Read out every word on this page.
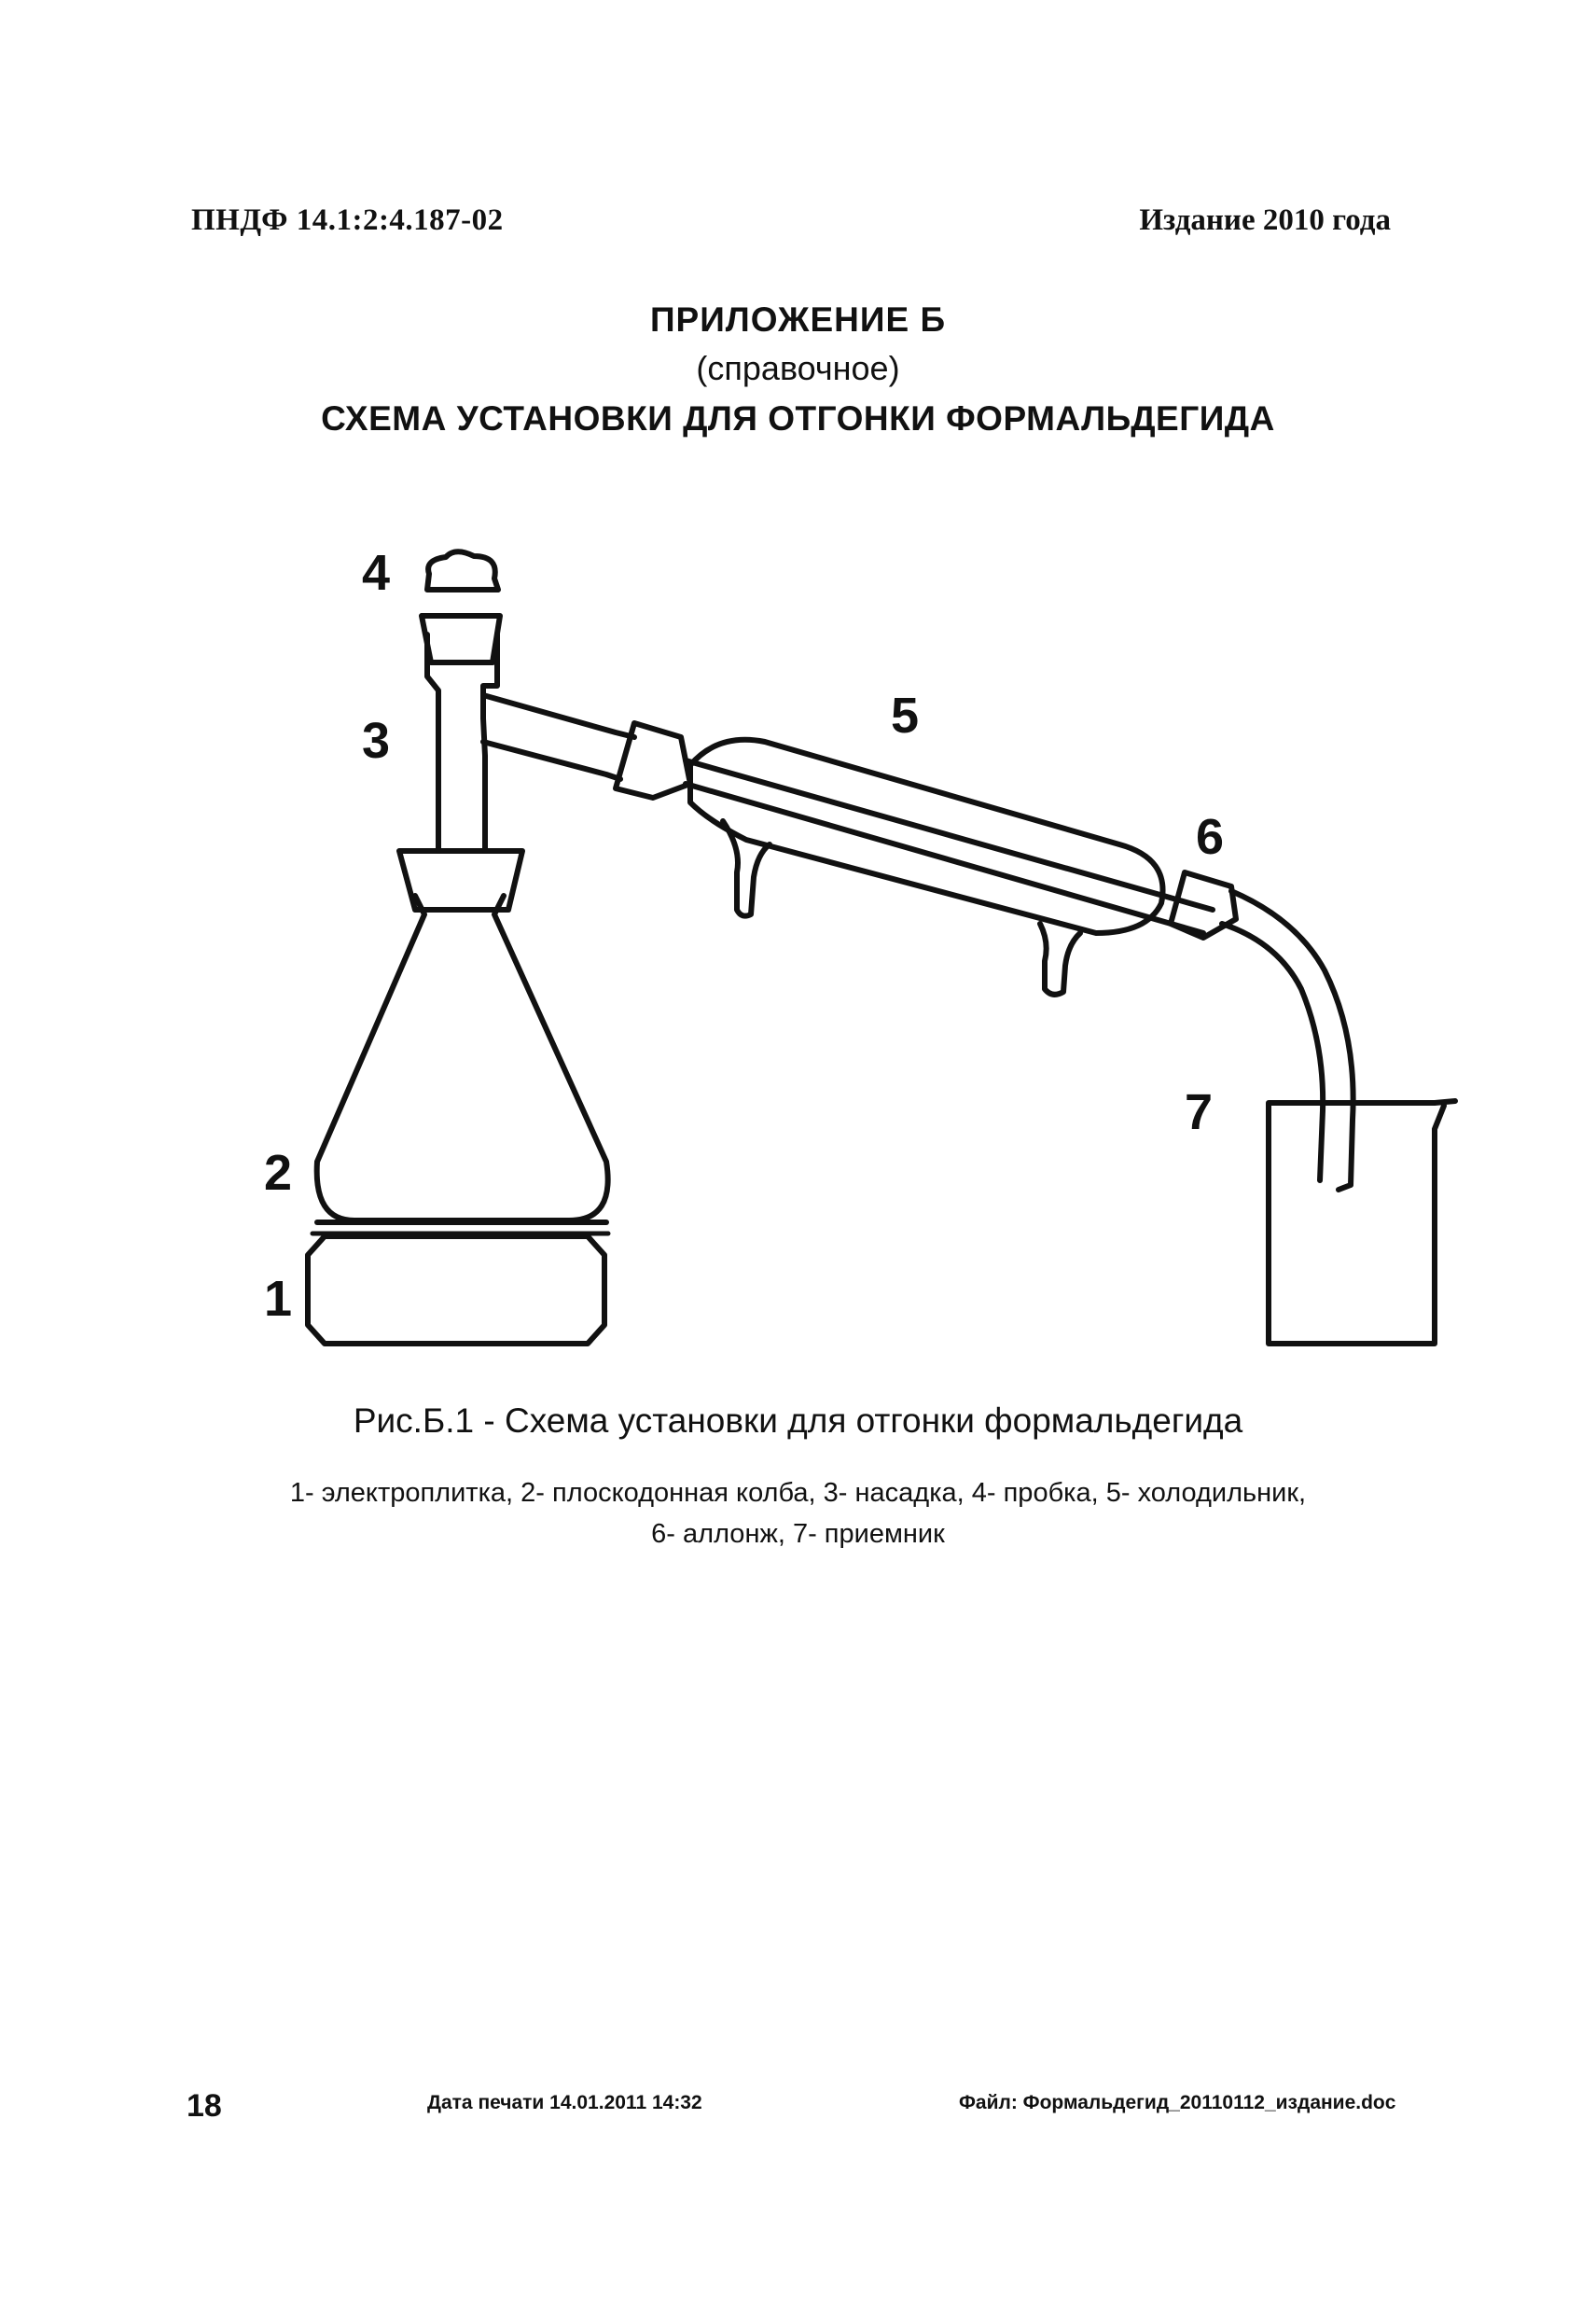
ПНДФ 14.1:2:4.187-02	Издание 2010 года
ПРИЛОЖЕНИЕ Б
(справочное)
СХЕМА УСТАНОВКИ ДЛЯ ОТГОНКИ ФОРМАЛЬДЕГИДА
4
3	5
6
7
2
1
Рис.Б.1 - Схема установки для отгонки формальдегида
1- электроплитка, 2- плоскодонная колба, 3- насадка, 4- пробка, 5- холодильник,
6- аллонж, 7- приемник
18	Дата печати 14.01.2011 14:32	Файл: Формальдегид_20110112_издание.doc
